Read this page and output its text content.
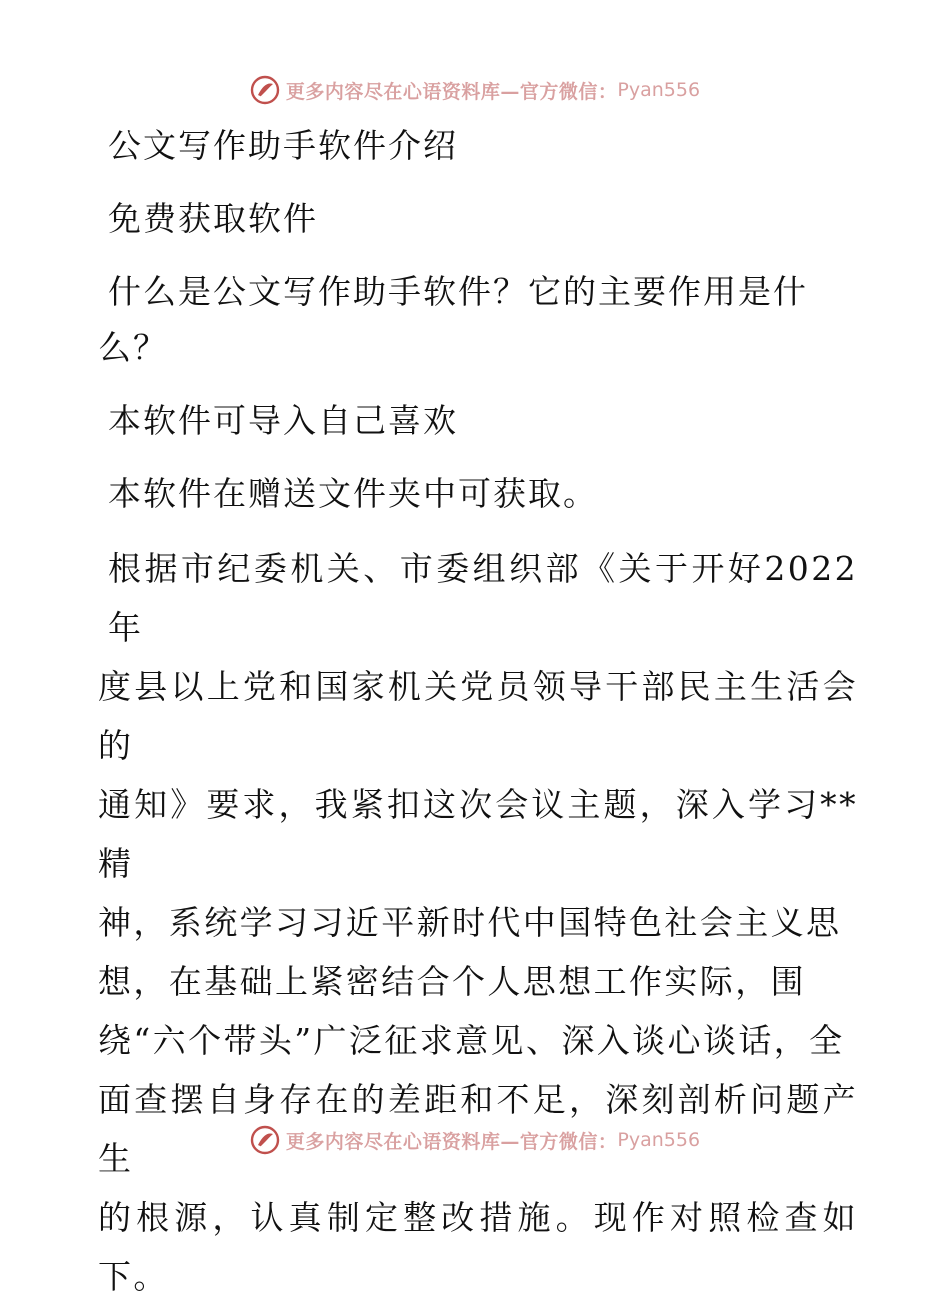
更多内容尽在心语资料库—官方微信： Pyan556
公文写作助手软件介绍
免费获取软件
什么是公文写作助手软件？它的主要作用是什
么？
本软件可导入自己喜欢
本软件在赠送文件夹中可获取。
根据市纪委机关、市委组织部《关于开好2022年
度县以上党和国家机关党员领导干部民主生活会的
通知》要求，我紧扣这次会议主题，深入学习**精
神，系统学习习近平新时代中国特色社会主义思
想，在基础上紧密结合个人思想工作实际，围
绕“六个带头”广泛征求意见、深入谈心谈话，全
面查摆自身存在的差距和不足，深刻剖析问题产生
的根源，认真制定整改措施。现作对照检查如下。
更多内容尽在心语资料库—官方微信： Pyan556
